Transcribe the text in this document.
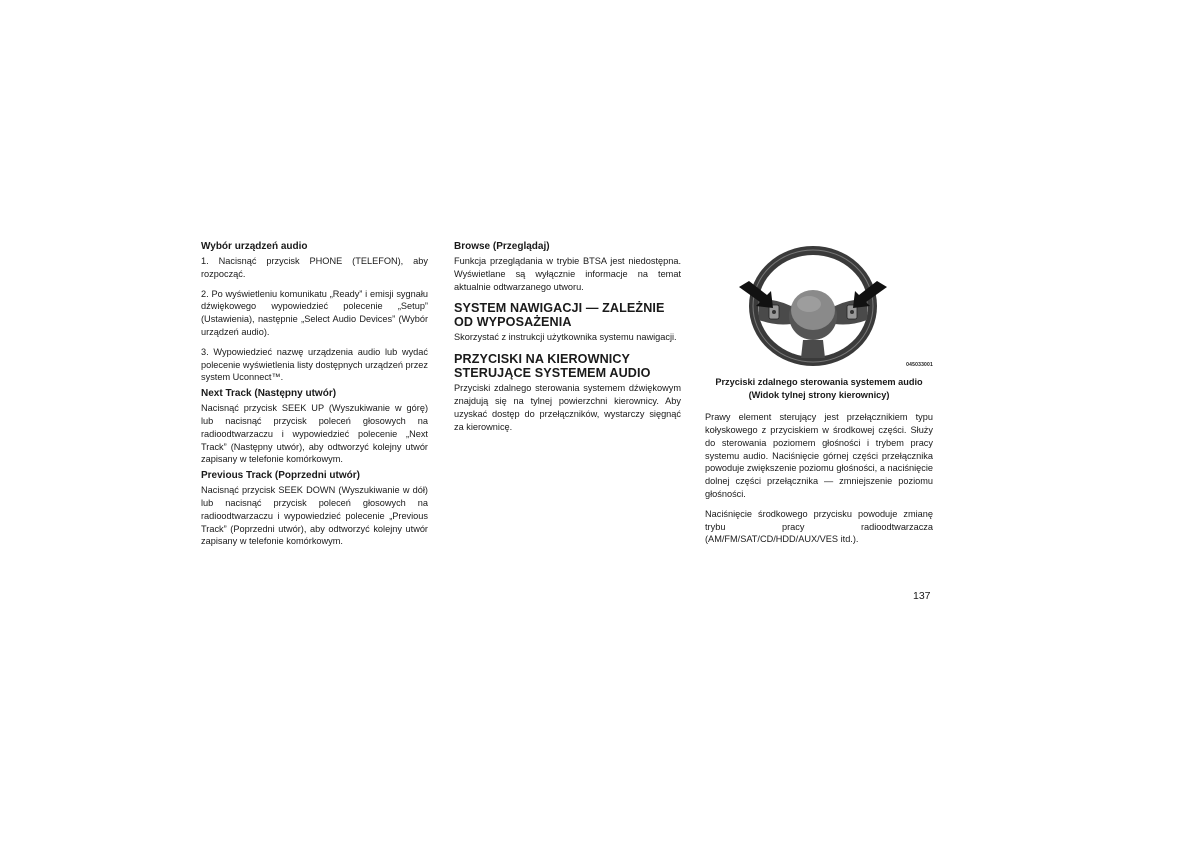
Wybór urządzeń audio

1. Nacisnąć przycisk PHONE (TELEFON), aby rozpocząć.

2. Po wyświetleniu komunikatu „Ready” i emisji sygnału dźwiękowego wypowiedzieć polecenie „Setup” (Ustawienia), następnie „Select Audio Devices” (Wybór urządzeń audio).

3. Wypowiedzieć nazwę urządzenia audio lub wydać polecenie wyświetlenia listy dostępnych urządzeń przez system Uconnect™.

Next Track (Następny utwór)

Nacisnąć przycisk SEEK UP (Wyszukiwanie w górę) lub nacisnąć przycisk poleceń głosowych na radioodtwarzaczu i wypowiedzieć polecenie „Next Track” (Następny utwór), aby odtworzyć kolejny utwór zapisany w telefonie komórkowym.

Previous Track (Poprzedni utwór)

Nacisnąć przycisk SEEK DOWN (Wyszukiwanie w dół) lub nacisnąć przycisk poleceń głosowych na radioodtwarzaczu i wypowiedzieć polecenie „Previous Track” (Poprzedni utwór), aby odtworzyć kolejny utwór zapisany w telefonie komórkowym.

Browse (Przeglądaj)

Funkcja przeglądania w trybie BTSA jest niedostępna. Wyświetlane są wyłącznie informacje na temat aktualnie odtwarzanego utworu.

SYSTEM NAWIGACJI — ZALEŻNIE
OD WYPOSAŻENIA

Skorzystać z instrukcji użytkownika systemu nawigacji.

PRZYCISKI NA KIEROWNICY
STERUJĄCE SYSTEMEM AUDIO

Przyciski zdalnego sterowania systemem dźwiękowym znajdują się na tylnej powierzchni kierownicy. Aby uzyskać dostęp do przełączników, wystarczy sięgnąć za kierownicę.

045033001
Przyciski zdalnego sterowania systemem audio
(Widok tylnej strony kierownicy)

Prawy element sterujący jest przełącznikiem typu kołyskowego z przyciskiem w środkowej części. Służy do sterowania poziomem głośności i trybem pracy systemu audio. Naciśnięcie górnej części przełącznika powoduje zwiększenie poziomu głośności, a naciśnięcie dolnej części przełącznika — zmniejszenie poziomu głośności.

Naciśnięcie środkowego przycisku powoduje zmianę trybu pracy radioodtwarzacza (AM/FM/SAT/CD/HDD/AUX/VES itd.).

137
